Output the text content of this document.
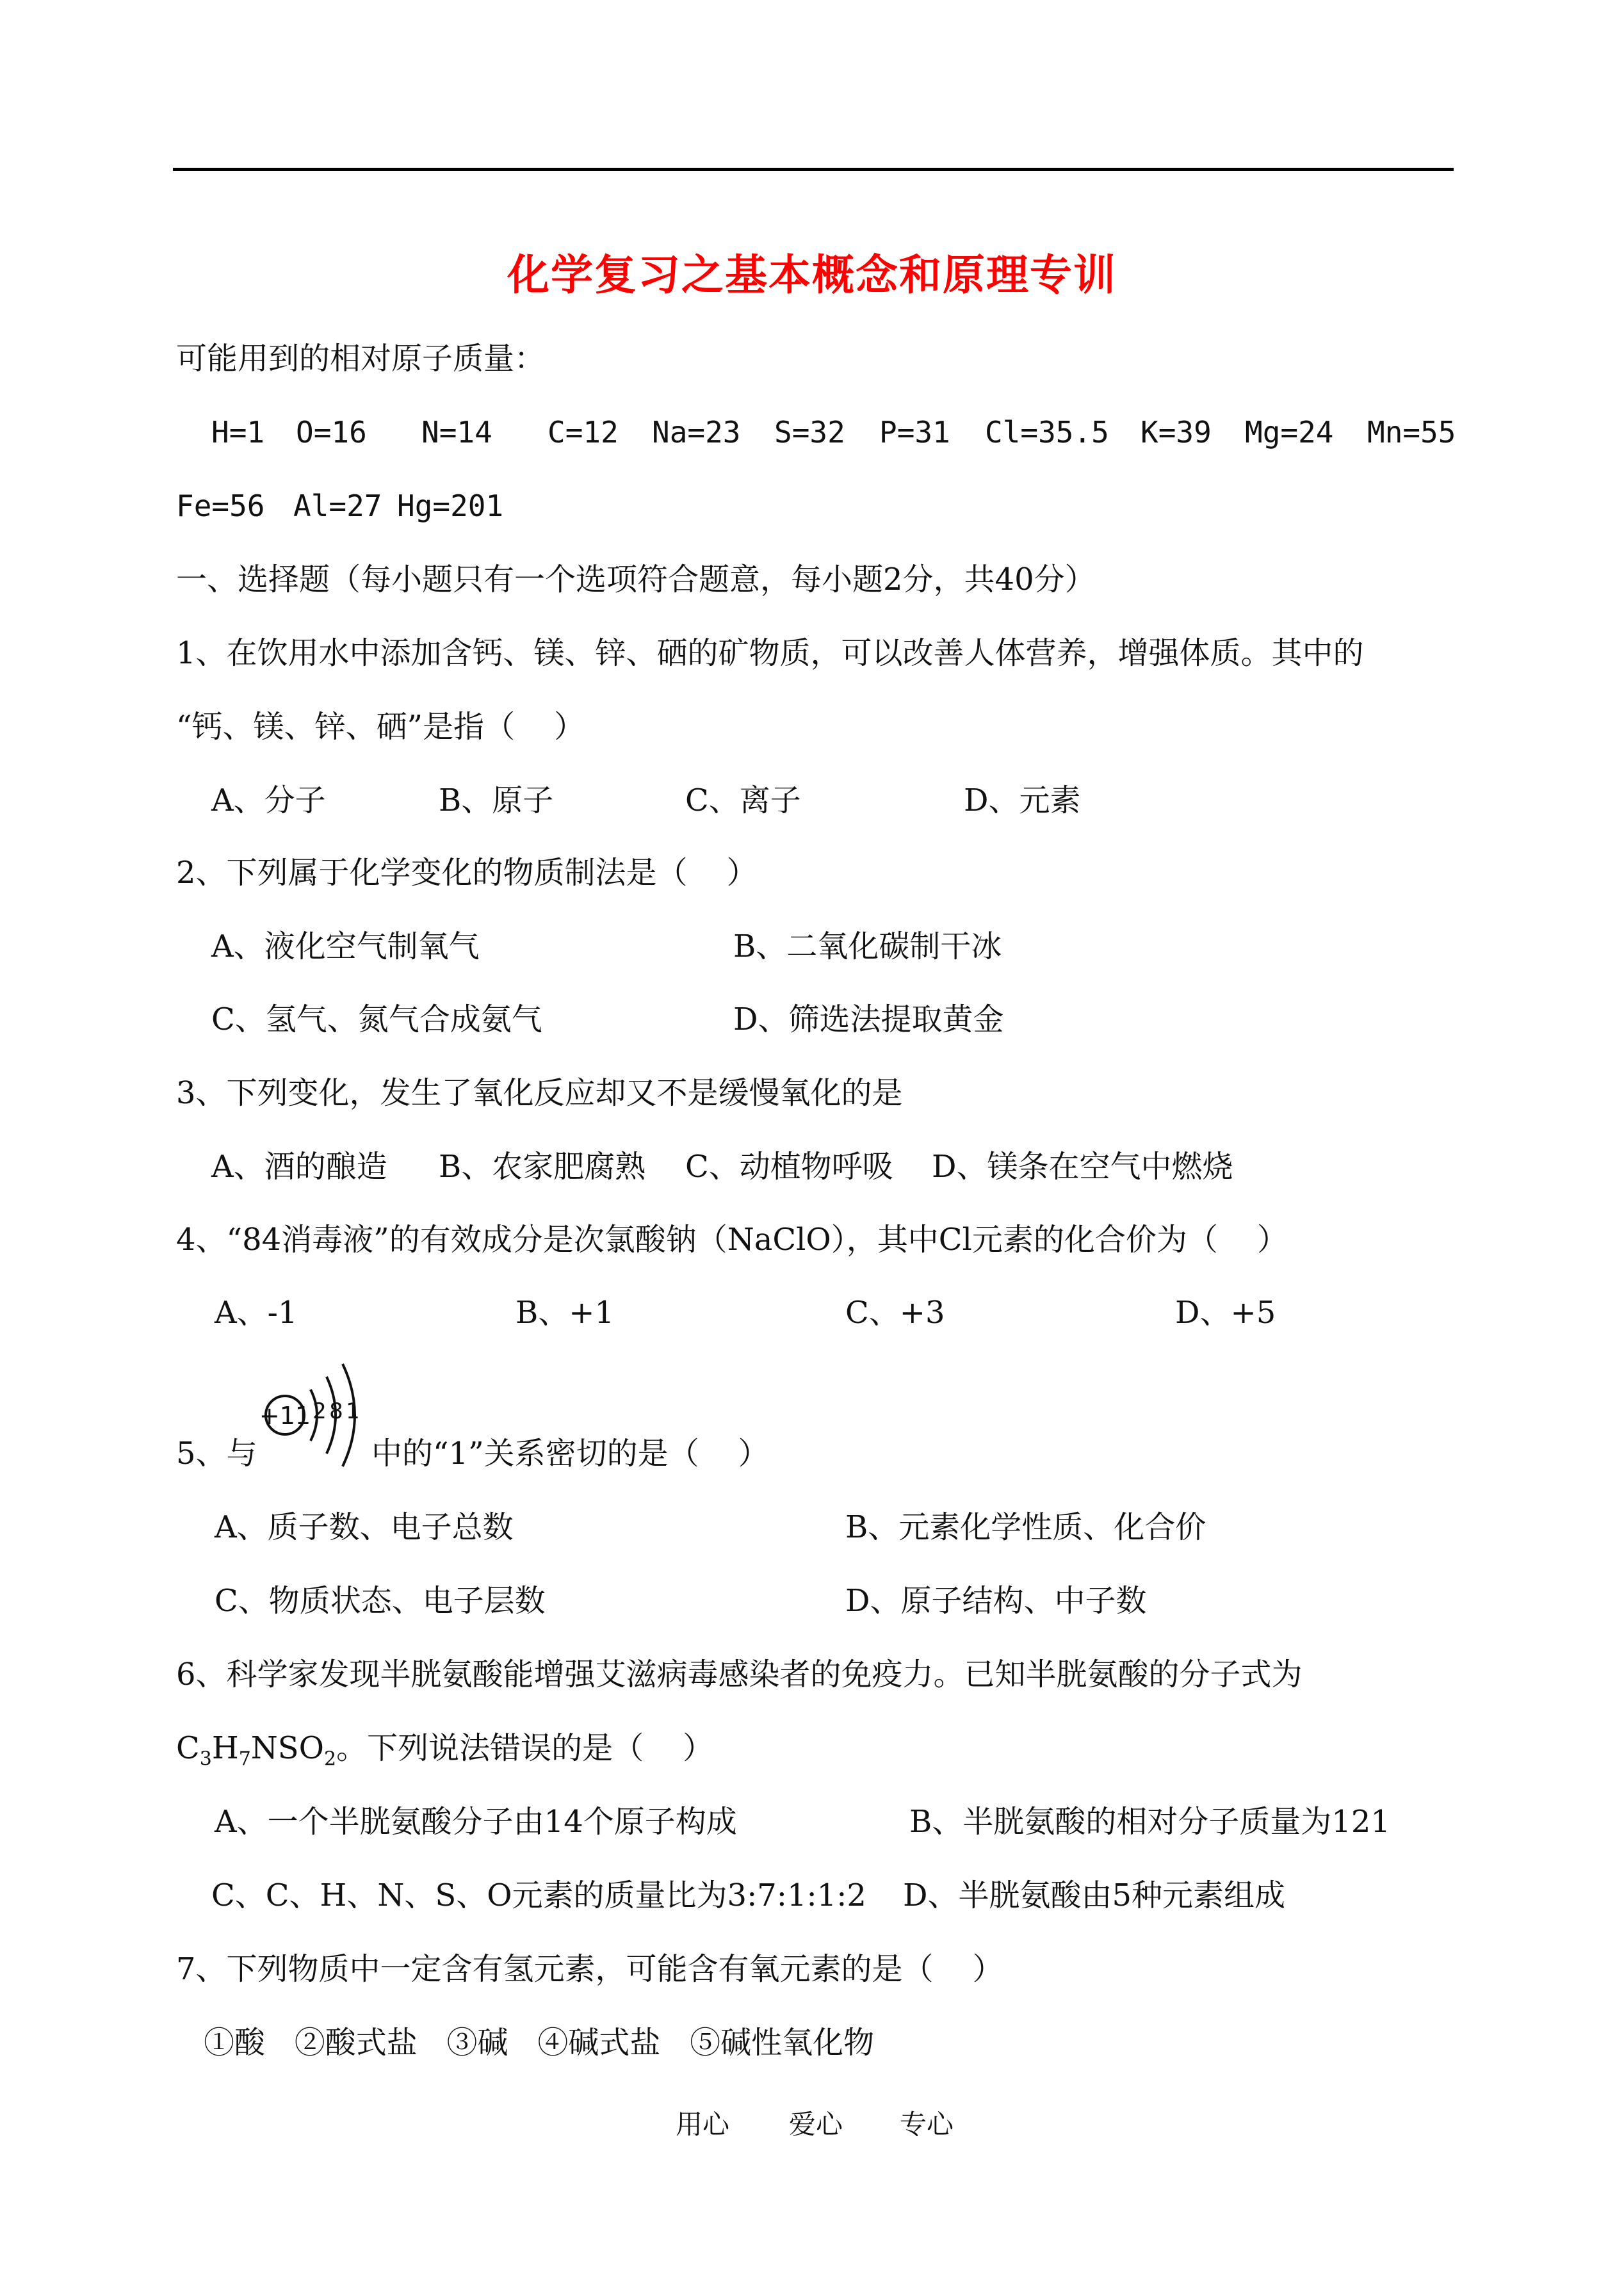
化学复习之基本概念和原理专训
可能用到的相对原子质量：
H=1 O=16 N=14 C=12 Na=23 S=32 P=31 Cl=35.5 K=39 Mg=24 Mn=55
Fe=56 Al=27 Hg=201
一、选择题（每小题只有一个选项符合题意，每小题2分，共40分）
1、在饮用水中添加含钙、镁、锌、硒的矿物质，可以改善人体营养，增强体质。其中的
“钙、镁、锌、硒”是指（    ）
A、分子	B、原子	C、离子	D、元素
2、下列属于化学变化的物质制法是（    ）
A、液化空气制氧气	B、二氧化碳制干冰
C、氢气、氮气合成氨气	D、筛选法提取黄金
3、下列变化，发生了氧化反应却又不是缓慢氧化的是
A、酒的酿造 B、农家肥腐熟 C、动植物呼吸 D、镁条在空气中燃烧
4、“84消毒液”的有效成分是次氯酸钠（NaClO），其中Cl元素的化合价为（    ）
A、-1	B、+1	C、+3	D、+5
5、与
+11 2 8 1
中的“1”关系密切的是（    ）
A、质子数、电子总数	B、元素化学性质、化合价
C、物质状态、电子层数	D、原子结构、中子数
6、科学家发现半胱氨酸能增强艾滋病毒感染者的免疫力。已知半胱氨酸的分子式为
$C_3H_7NSO_2$。下列说法错误的是（    ）
A、一个半胱氨酸分子由14个原子构成	B、半胱氨酸的相对分子质量为121
C、C、H、N、S、O元素的质量比为3:7:1:1:2 D、半胱氨酸由5种元素组成
7、下列物质中一定含有氢元素，可能含有氧元素的是（    ）
①酸   ②酸式盐   ③碱   ④碱式盐   ⑤碱性氧化物
用心 爱心 专心
